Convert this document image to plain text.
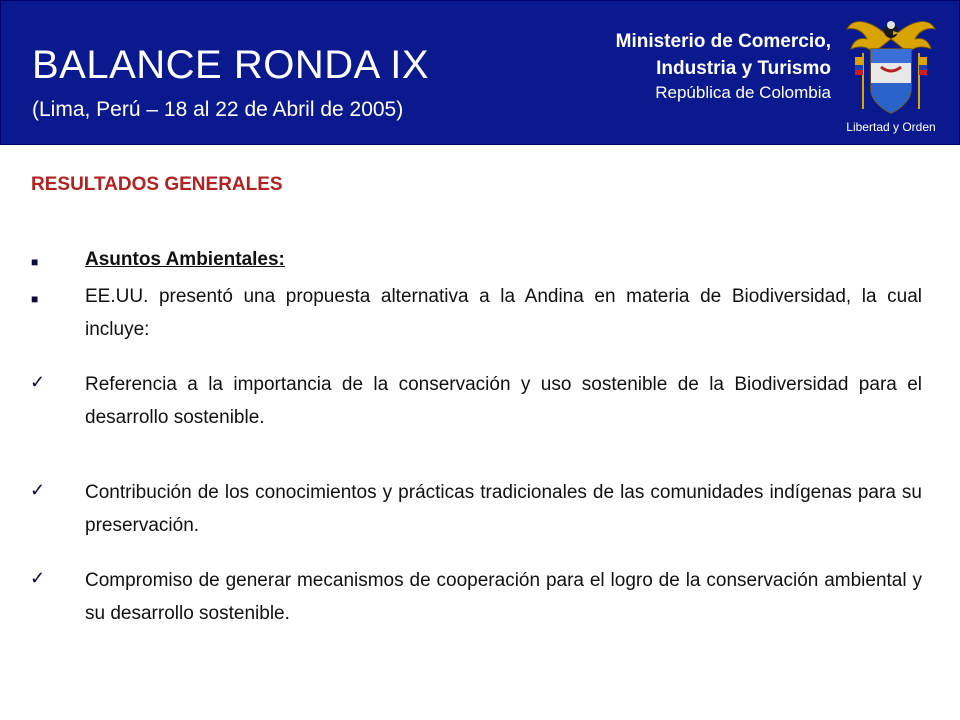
BALANCE RONDA IX
(Lima, Perú – 18 al 22 de Abril de 2005)
Ministerio de Comercio,
Industria y Turismo
República de Colombia
Libertad y Orden
RESULTADOS GENERALES
■ Asuntos Ambientales:
■ EE.UU. presentó una propuesta alternativa a la Andina en materia de Biodiversidad, la cual incluye:
✓ Referencia a la importancia de la conservación y uso sostenible de la Biodiversidad para el desarrollo sostenible.
✓ Contribución de los conocimientos y prácticas tradicionales de las comunidades indígenas para su preservación.
✓ Compromiso de generar mecanismos de cooperación para el logro de la conservación ambiental y su desarrollo sostenible.
